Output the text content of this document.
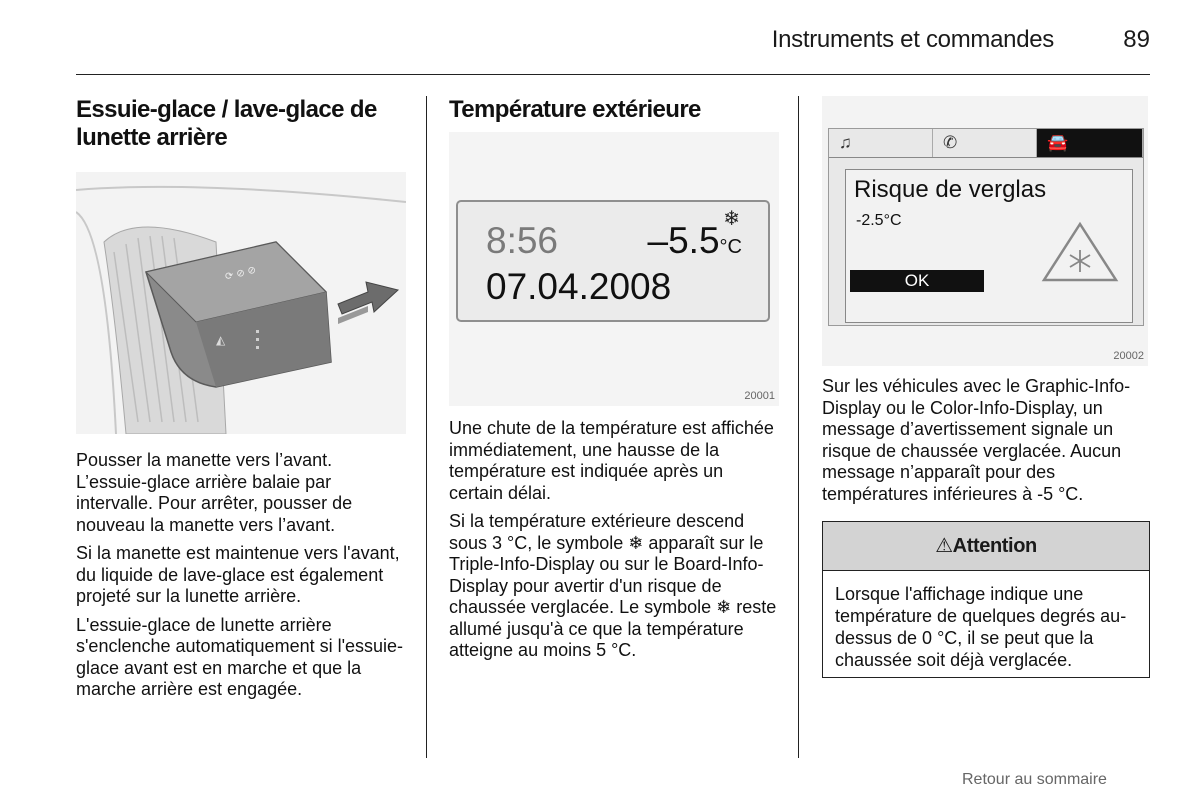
Instruments et commandes	89
Essuie-glace / lave-glace de lunette arrière
⟳ ⊘ ⊘
◭

Pousser la manette vers l’avant. L’essuie-glace arrière balaie par intervalle. Pour arrêter, pousser de nouveau la manette vers l’avant.

Si la manette est maintenue vers l'avant, du liquide de lave-glace est également projeté sur la lunette arrière.

L'essuie-glace de lunette arrière s'enclenche automatiquement si l'essuie-glace avant est en marche et que la marche arrière est engagée.

Température extérieure
8:56
❄
–5.5°C
07.04.2008
20001

Une chute de la température est affichée immédiatement, une hausse de la température est indiquée après un certain délai.

Si la température extérieure descend sous 3 °C, le symbole ❄ apparaît sur le Triple-Info-Display ou sur le Board-Info-Display pour avertir d'un risque de chaussée verglacée. Le symbole ❄ reste allumé jusqu'à ce que la température atteigne au moins 5 °C.

♫	✆	🚘
Risque de verglas
-2.5°C
OK
20002

Sur les véhicules avec le Graphic-Info-Display ou le Color-Info-Display, un message d’avertissement signale un risque de chaussée verglacée. Aucun message n’apparaît pour des températures inférieures à -5 °C.

⚠Attention

Lorsque l'affichage indique une température de quelques degrés au-dessus de 0 °C, il se peut que la chaussée soit déjà verglacée.

Retour au sommaire
